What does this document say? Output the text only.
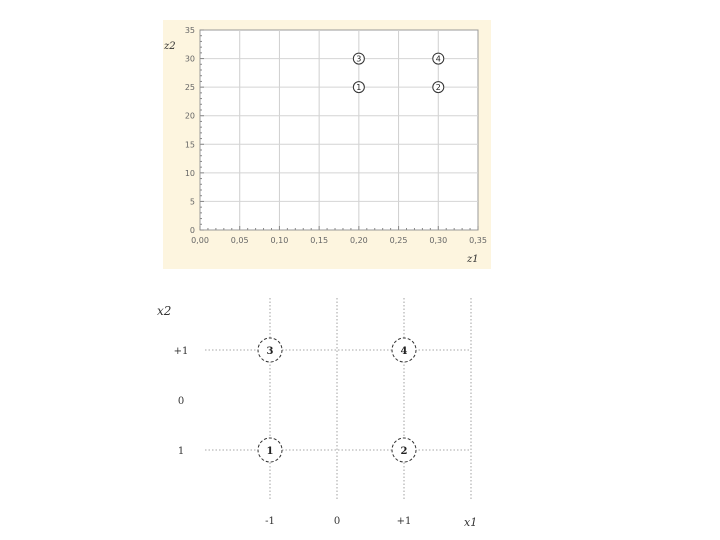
0,00	0,05	0,10	0,15	0,20	0,25	0,30	0,35
0
5
10
15
20
25
30
35
1	2
3	4
z2
z1
-1	0	+1
+1
0
1	1	2
3	4
x2
x1
